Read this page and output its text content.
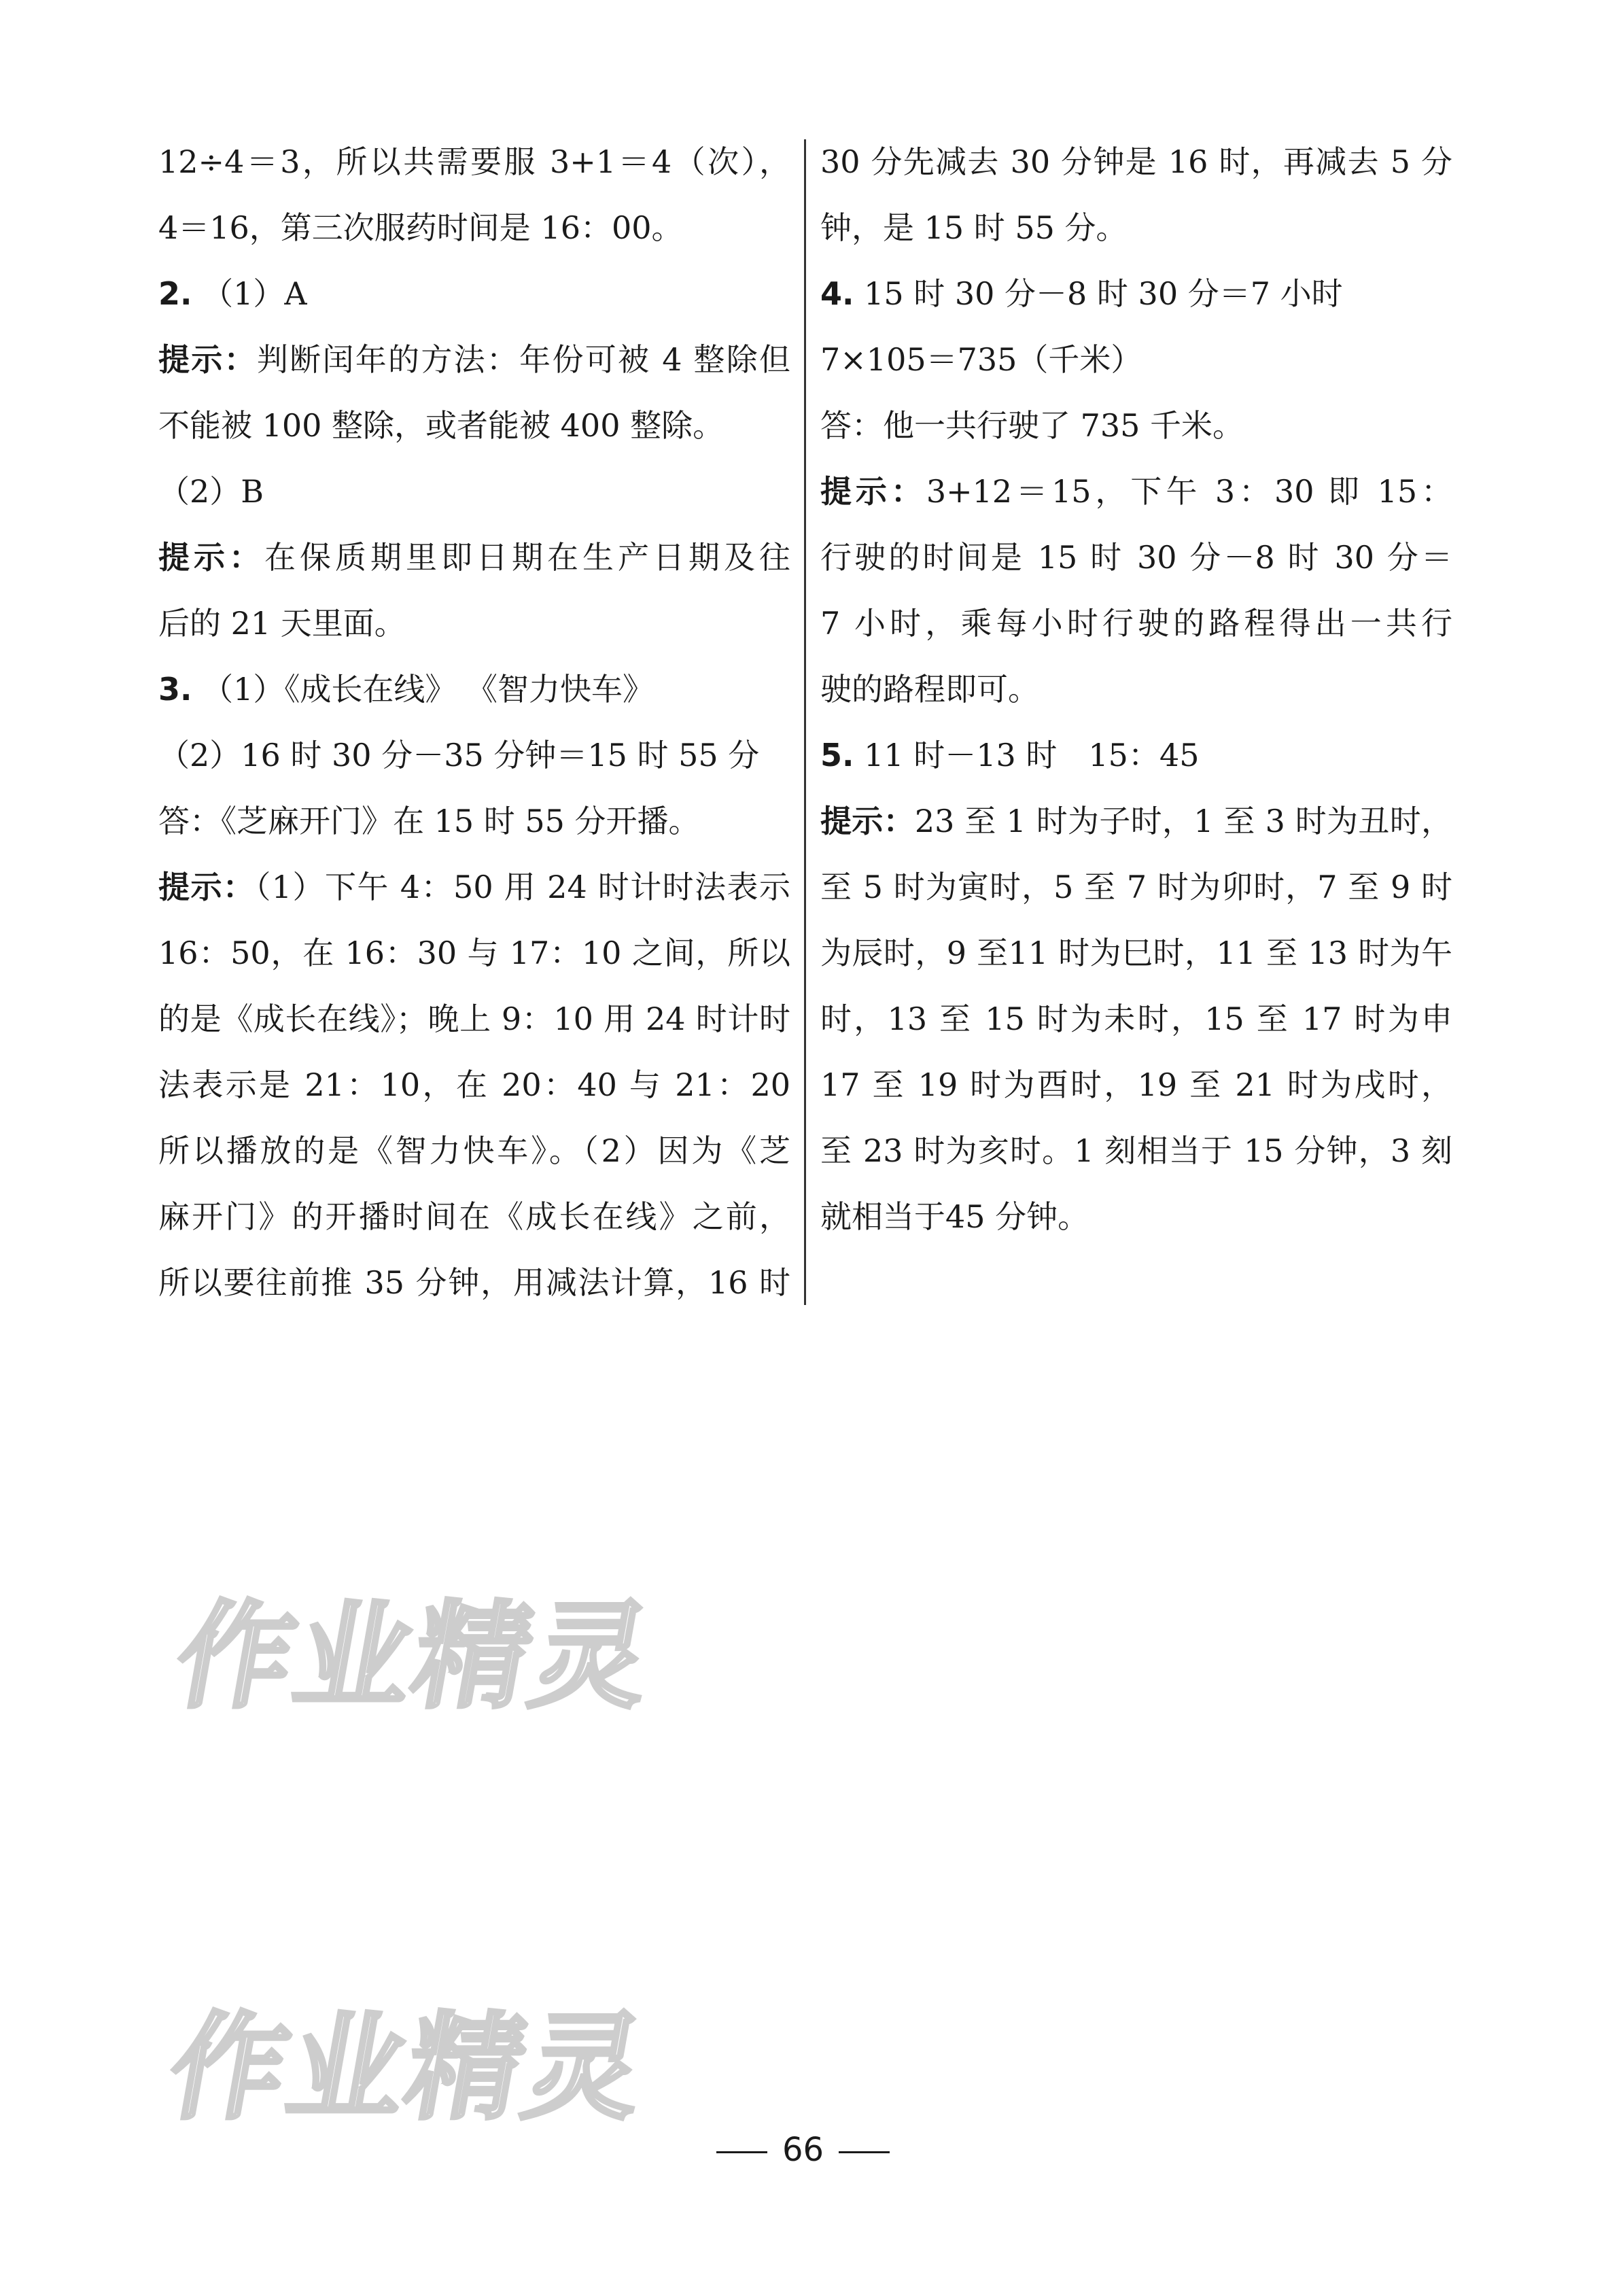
12÷4＝3，所以共需要服 3+1＝4（次），
4＝16，第三次服药时间是 16：00。
2. （1）A
提示：判断闰年的方法：年份可被 4 整除但
不能被 100 整除，或者能被 400 整除。
（2）B
提示：在保质期里即日期在生产日期及往
后的 21 天里面。
3. （1）《成长在线》 《智力快车》
（2）16 时 30 分－35 分钟＝15 时 55 分
答：《芝麻开门》在 15 时 55 分开播。
提示：（1）下午 4：50 用 24 时计时法表示
16：50，在 16：30 与 17：10 之间，所以
的是《成长在线》；晚上 9：10 用 24 时计时
法表示是 21：10，在 20：40 与 21：20
所以播放的是《智力快车》。（2）因为《芝
麻开门》的开播时间在《成长在线》之前，
所以要往前推 35 分钟，用减法计算，16 时
30 分先减去 30 分钟是 16 时，再减去 5 分
钟，是 15 时 55 分。
4. 15 时 30 分－8 时 30 分＝7 小时
7×105＝735（千米）
答：他一共行驶了 735 千米。
提示：3+12＝15，下午 3：30 即 15：
行驶的时间是 15 时 30 分－8 时 30 分＝
7 小时，乘每小时行驶的路程得出一共行
驶的路程即可。
5. 11 时－13 时　15：45
提示：23 至 1 时为子时，1 至 3 时为丑时，
至 5 时为寅时，5 至 7 时为卯时，7 至 9 时
为辰时，9 至11 时为巳时，11 至 13 时为午
时，13 至 15 时为未时，15 至 17 时为申
17 至 19 时为酉时，19 至 21 时为戌时，
至 23 时为亥时。1 刻相当于 15 分钟，3 刻
就相当于45 分钟。
作业精灵
作业精灵
66
